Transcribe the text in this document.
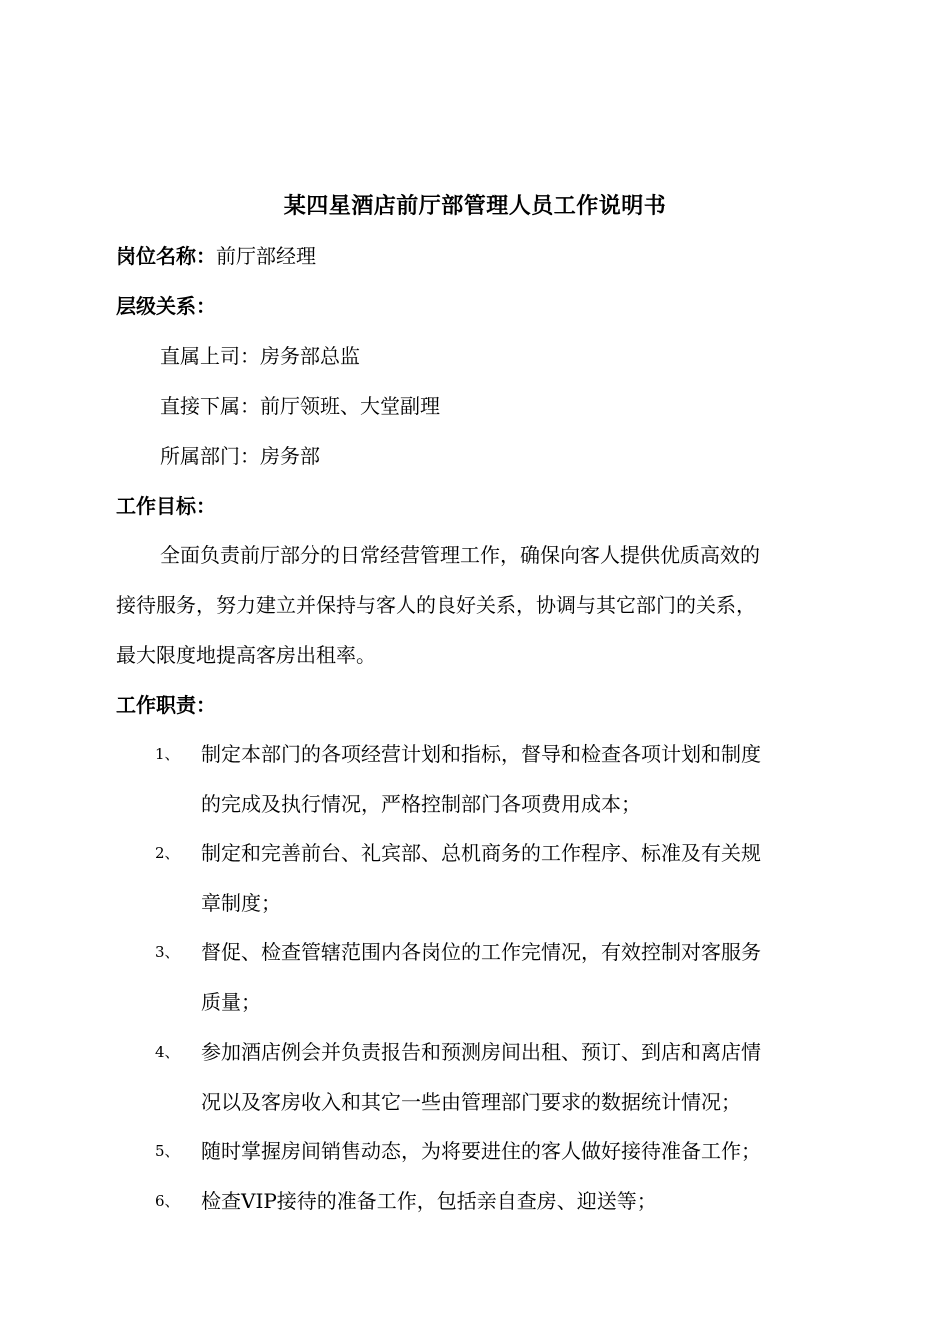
某四星酒店前厅部管理人员工作说明书
岗位名称：前厅部经理
层级关系：
直属上司：房务部总监
直接下属：前厅领班、大堂副理
所属部门：房务部
工作目标：
全面负责前厅部分的日常经营管理工作，确保向客人提供优质高效的
接待服务，努力建立并保持与客人的良好关系，协调与其它部门的关系，
最大限度地提高客房出租率。
工作职责：
1、 制定本部门的各项经营计划和指标，督导和检查各项计划和制度
的完成及执行情况，严格控制部门各项费用成本；
2、 制定和完善前台、礼宾部、总机商务的工作程序、标准及有关规
章制度；
3、 督促、检查管辖范围内各岗位的工作完情况，有效控制对客服务
质量；
4、 参加酒店例会并负责报告和预测房间出租、预订、到店和离店情
况以及客房收入和其它一些由管理部门要求的数据统计情况；
5、 随时掌握房间销售动态，为将要进住的客人做好接待准备工作；
6、 检查VIP接待的准备工作，包括亲自查房、迎送等；
